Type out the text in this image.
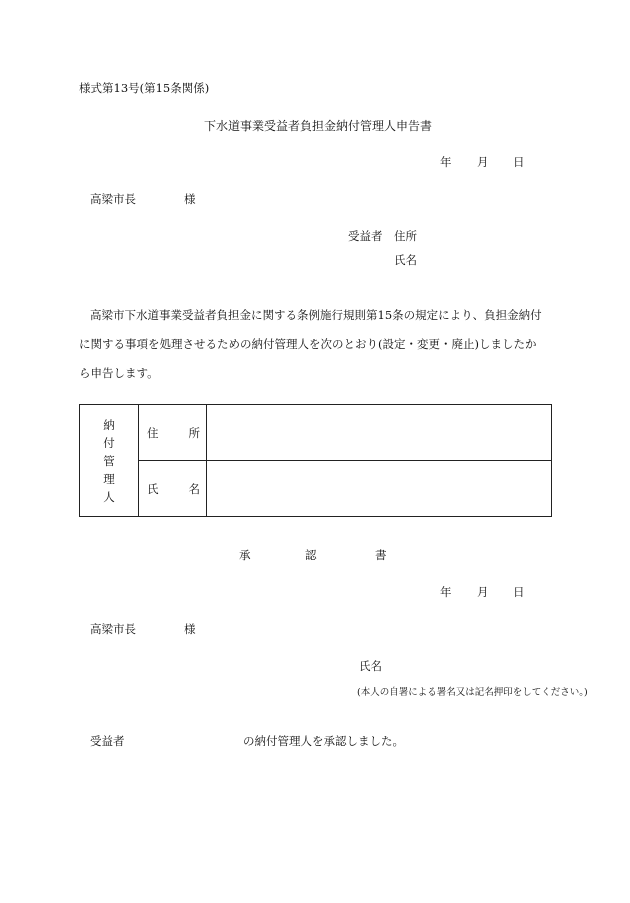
様式第13号(第15条関係)
下水道事業受益者負担金納付管理人申告書
年 月 日
高梁市長	様
受益者 住所
氏名
高梁市下水道事業受益者負担金に関する条例施行規則第15条の規定により、負担金納付
に関する事項を処理させるための納付管理人を次のとおり(設定・変更・廃止)しましたか
ら申告します。
納
付
管
理
人	住 所	

	氏 名	

承	認	書
年 月 日
高梁市長	様
氏名
(本人の自署による署名又は記名押印をしてください。)
受益者	の納付管理人を承認しました。
